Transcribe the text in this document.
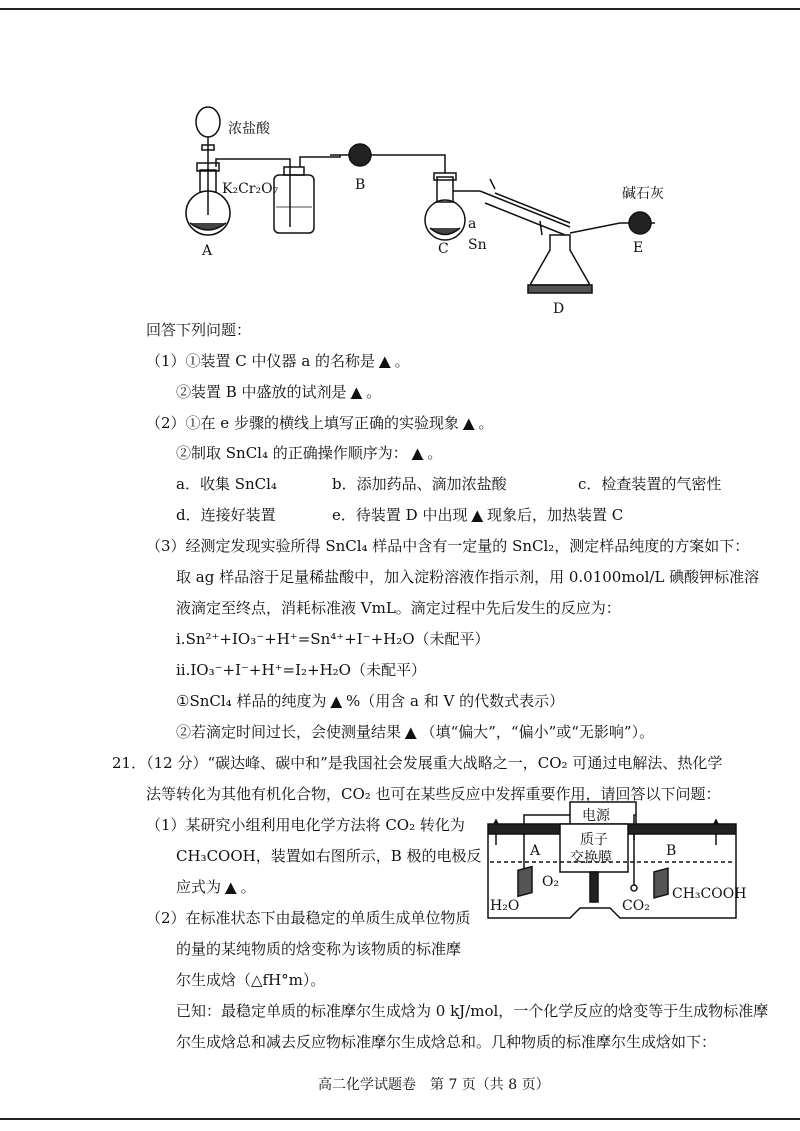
浓盐酸
K₂Cr₂O₇
A
B
C
a
Sn
碱石灰
E
D
回答下列问题：
（1）①装置 C 中仪器 a 的名称是 ▲ 。
②装置 B 中盛放的试剂是 ▲ 。
（2）①在 e 步骤的横线上填写正确的实验现象 ▲ 。
②制取 SnCl₄ 的正确操作顺序为： ▲ 。
a．收集 SnCl₄	b．添加药品、滴加浓盐酸	c．检查装置的气密性
d．连接好装置	e．待装置 D 中出现 ▲ 现象后，加热装置 C
（3）经测定发现实验所得 SnCl₄ 样品中含有一定量的 SnCl₂，测定样品纯度的方案如下：
取 ag 样品溶于足量稀盐酸中，加入淀粉溶液作指示剂，用 0.0100mol/L 碘酸钾标准溶
液滴定至终点，消耗标准液 VmL。滴定过程中先后发生的反应为：
i.Sn²⁺+IO₃⁻+H⁺=Sn⁴⁺+I⁻+H₂O（未配平）
ii.IO₃⁻+I⁻+H⁺=I₂+H₂O（未配平）
①SnCl₄ 样品的纯度为 ▲ %（用含 a 和 V 的代数式表示）
②若滴定时间过长，会使测量结果 ▲ （填“偏大”，“偏小”或“无影响”）。
21．（12 分）“碳达峰、碳中和”是我国社会发展重大战略之一，CO₂ 可通过电解法、热化学
法等转化为其他有机化合物，CO₂ 也可在某些反应中发挥重要作用，请回答以下问题：
（1）某研究小组利用电化学方法将 CO₂ 转化为
CH₃COOH，装置如右图所示，B 极的电极反
应式为 ▲ 。
（2）在标准状态下由最稳定的单质生成单位物质
的量的某纯物质的焓变称为该物质的标准摩
尔生成焓（△fH°m）。
已知：最稳定单质的标准摩尔生成焓为 0 kJ/mol，一个化学反应的焓变等于生成物标准摩
尔生成焓总和减去反应物标准摩尔生成焓总和。几种物质的标准摩尔生成焓如下：
电源
质子
交换膜
A	B
O₂
H₂O	CO₂
CH₃COOH
高二化学试题卷　第 7 页（共 8 页）
